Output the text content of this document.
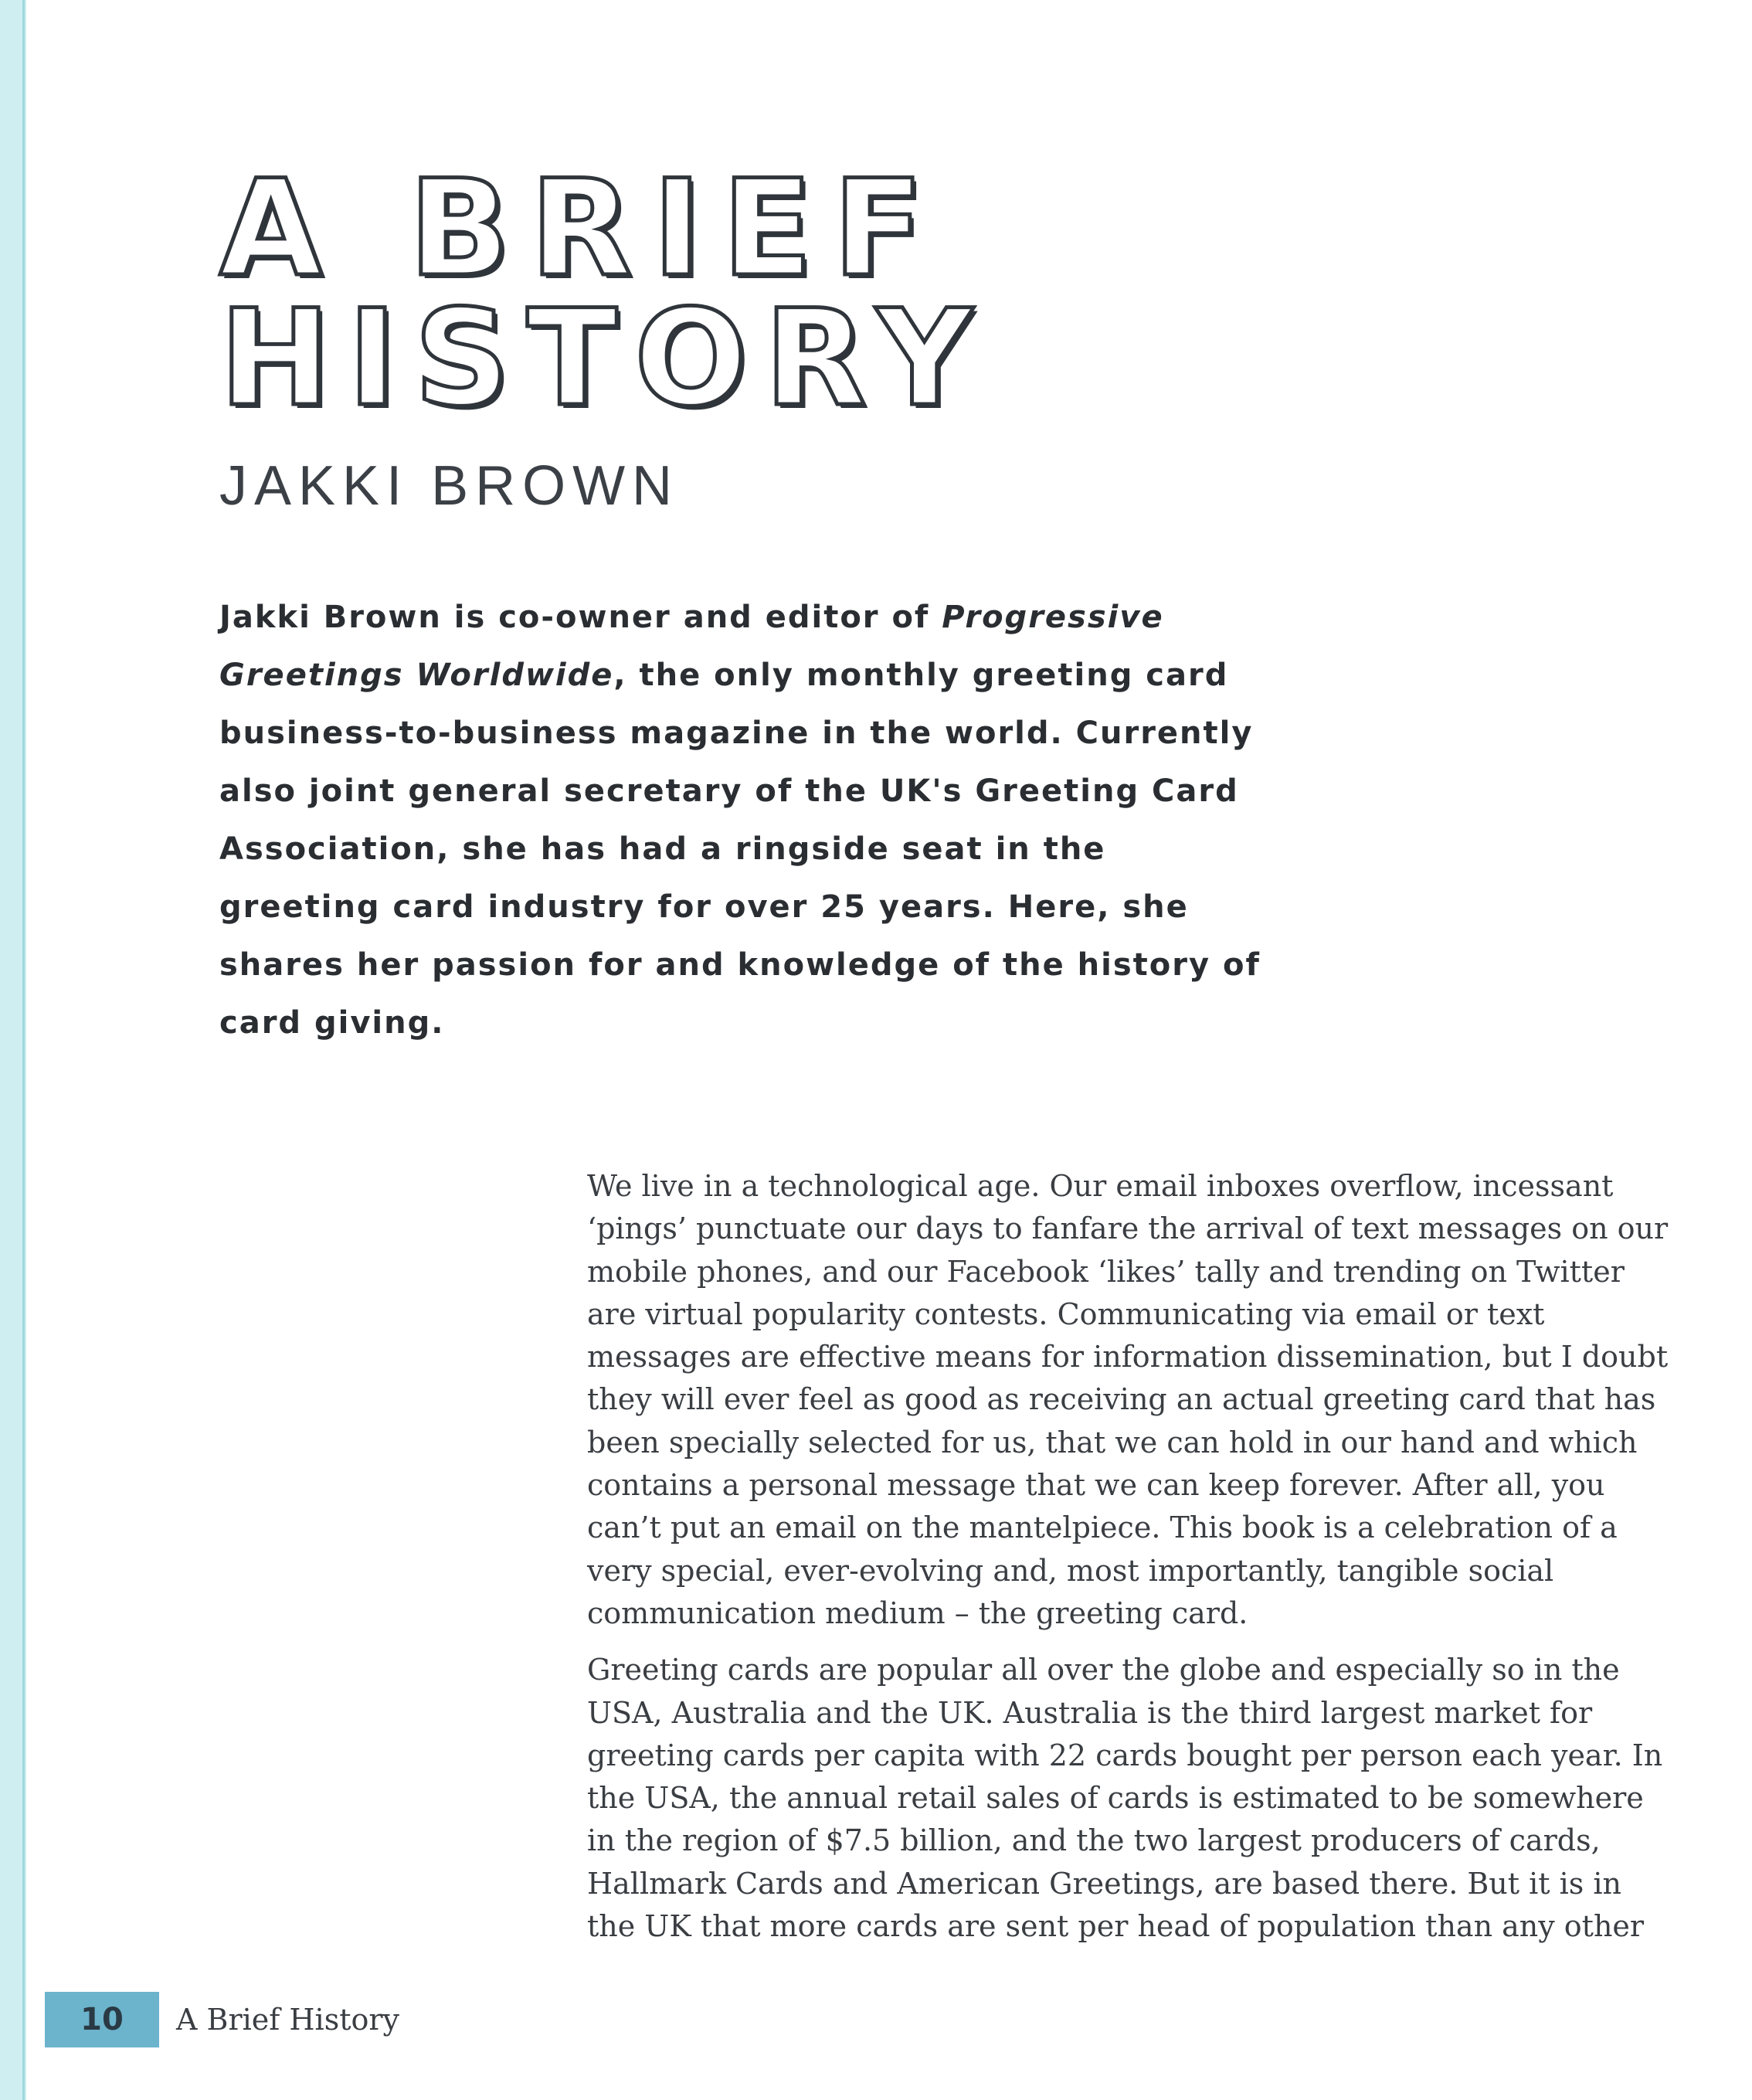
A BRIEF
HISTORY
JAKKI BROWN
Jakki Brown is co-owner and editor of Progressive Greetings Worldwide, the only monthly greeting card business-to-business magazine in the world. Currently also joint general secretary of the UK's Greeting Card Association, she has had a ringside seat in the greeting card industry for over 25 years. Here, she shares her passion for and knowledge of the history of card giving.

We live in a technological age. Our email inboxes overflow, incessant ‘pings’ punctuate our days to fanfare the arrival of text messages on our mobile phones, and our Facebook ‘likes’ tally and trending on Twitter are virtual popularity contests. Communicating via email or text messages are effective means for information dissemination, but I doubt they will ever feel as good as receiving an actual greeting card that has been specially selected for us, that we can hold in our hand and which contains a personal message that we can keep forever. After all, you can’t put an email on the mantelpiece. This book is a celebration of a very special, ever-evolving and, most importantly, tangible social communication medium – the greeting card.

Greeting cards are popular all over the globe and especially so in the USA, Australia and the UK. Australia is the third largest market for greeting cards per capita with 22 cards bought per person each year. In the USA, the annual retail sales of cards is estimated to be somewhere in the region of $7.5 billion, and the two largest producers of cards, Hallmark Cards and American Greetings, are based there. But it is in the UK that more cards are sent per head of population than any other

10	A Brief History
